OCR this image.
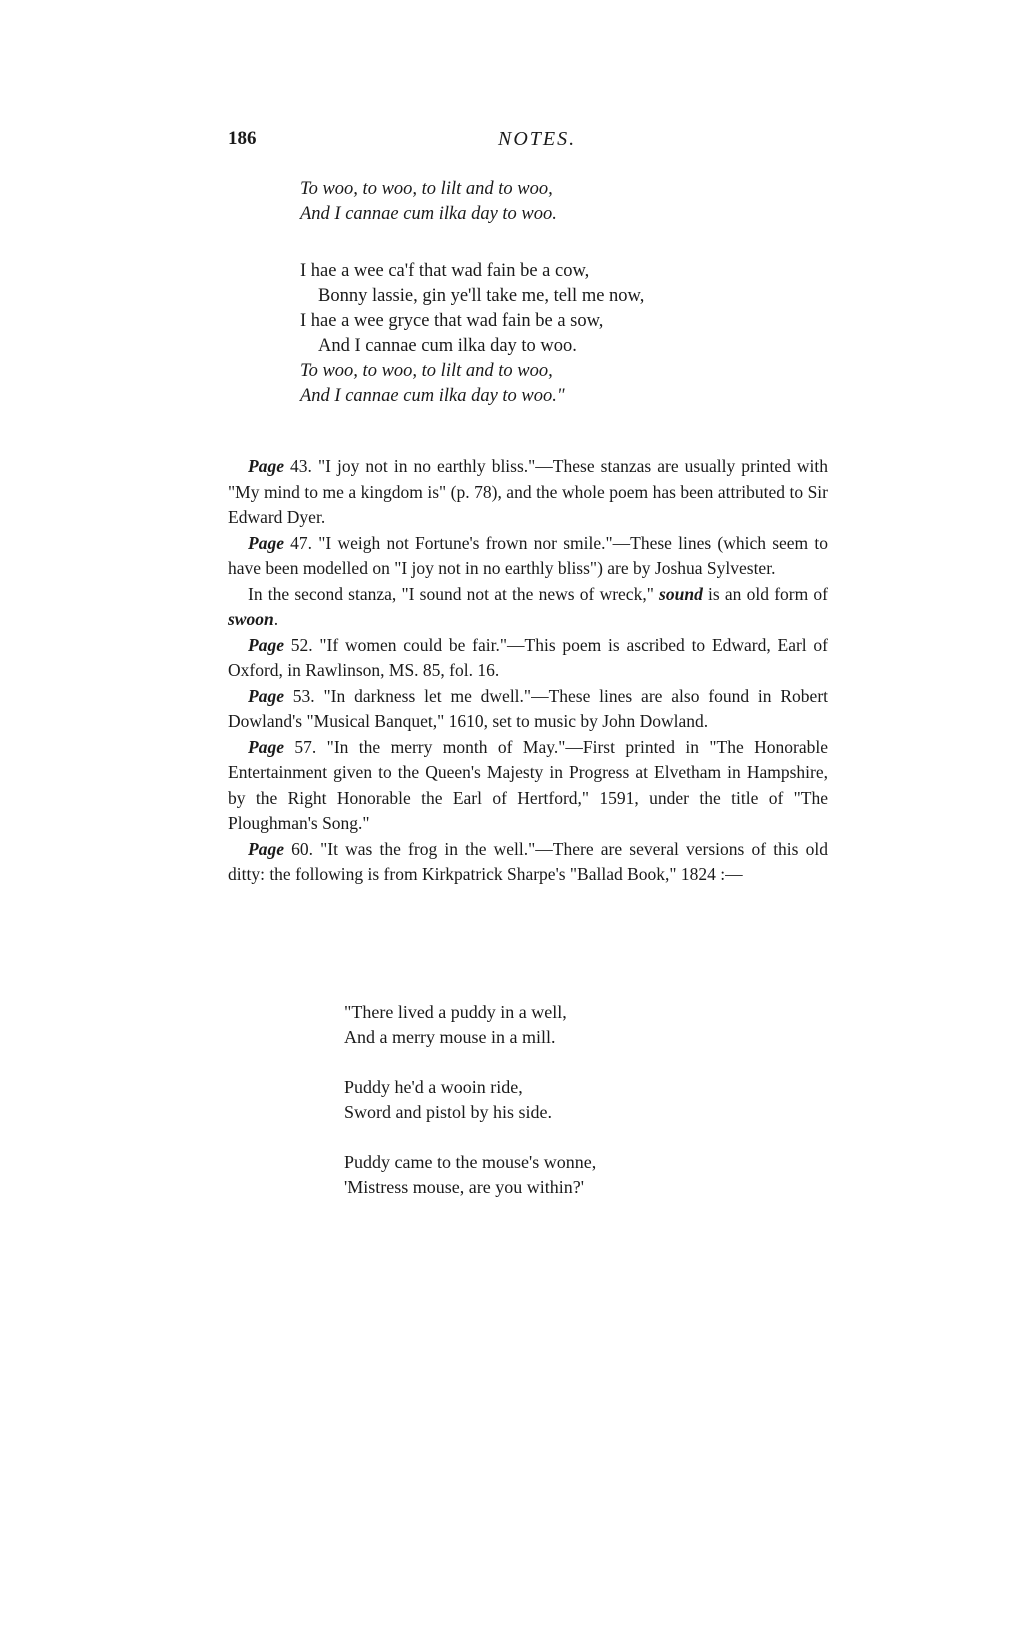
186	NOTES.
To woo, to woo, to lilt and to woo,
And I cannae cum ilka day to woo.
I hae a wee ca'f that wad fain be a cow,
Bonny lassie, gin ye'll take me, tell me now,
I hae a wee gryce that wad fain be a sow,
And I cannae cum ilka day to woo.
To woo, to woo, to lilt and to woo,
And I cannae cum ilka day to woo."

Page 43. "I joy not in no earthly bliss."—These stanzas are usually printed with "My mind to me a kingdom is" (p. 78), and the whole poem has been attributed to Sir Edward Dyer.

Page 47. "I weigh not Fortune's frown nor smile."—These lines (which seem to have been modelled on "I joy not in no earthly bliss") are by Joshua Sylvester.

In the second stanza, "I sound not at the news of wreck," sound is an old form of swoon.

Page 52. "If women could be fair."—This poem is ascribed to Edward, Earl of Oxford, in Rawlinson, MS. 85, fol. 16.

Page 53. "In darkness let me dwell."—These lines are also found in Robert Dowland's "Musical Banquet," 1610, set to music by John Dowland.

Page 57. "In the merry month of May."—First printed in "The Honorable Entertainment given to the Queen's Majesty in Progress at Elvetham in Hampshire, by the Right Honorable the Earl of Hertford," 1591, under the title of "The Ploughman's Song."

Page 60. "It was the frog in the well."—There are several versions of this old ditty: the following is from Kirkpatrick Sharpe's "Ballad Book," 1824 :—

"There lived a puddy in a well,
And a merry mouse in a mill.
Puddy he'd a wooin ride,
Sword and pistol by his side.
Puddy came to the mouse's wonne,
'Mistress mouse, are you within?'
